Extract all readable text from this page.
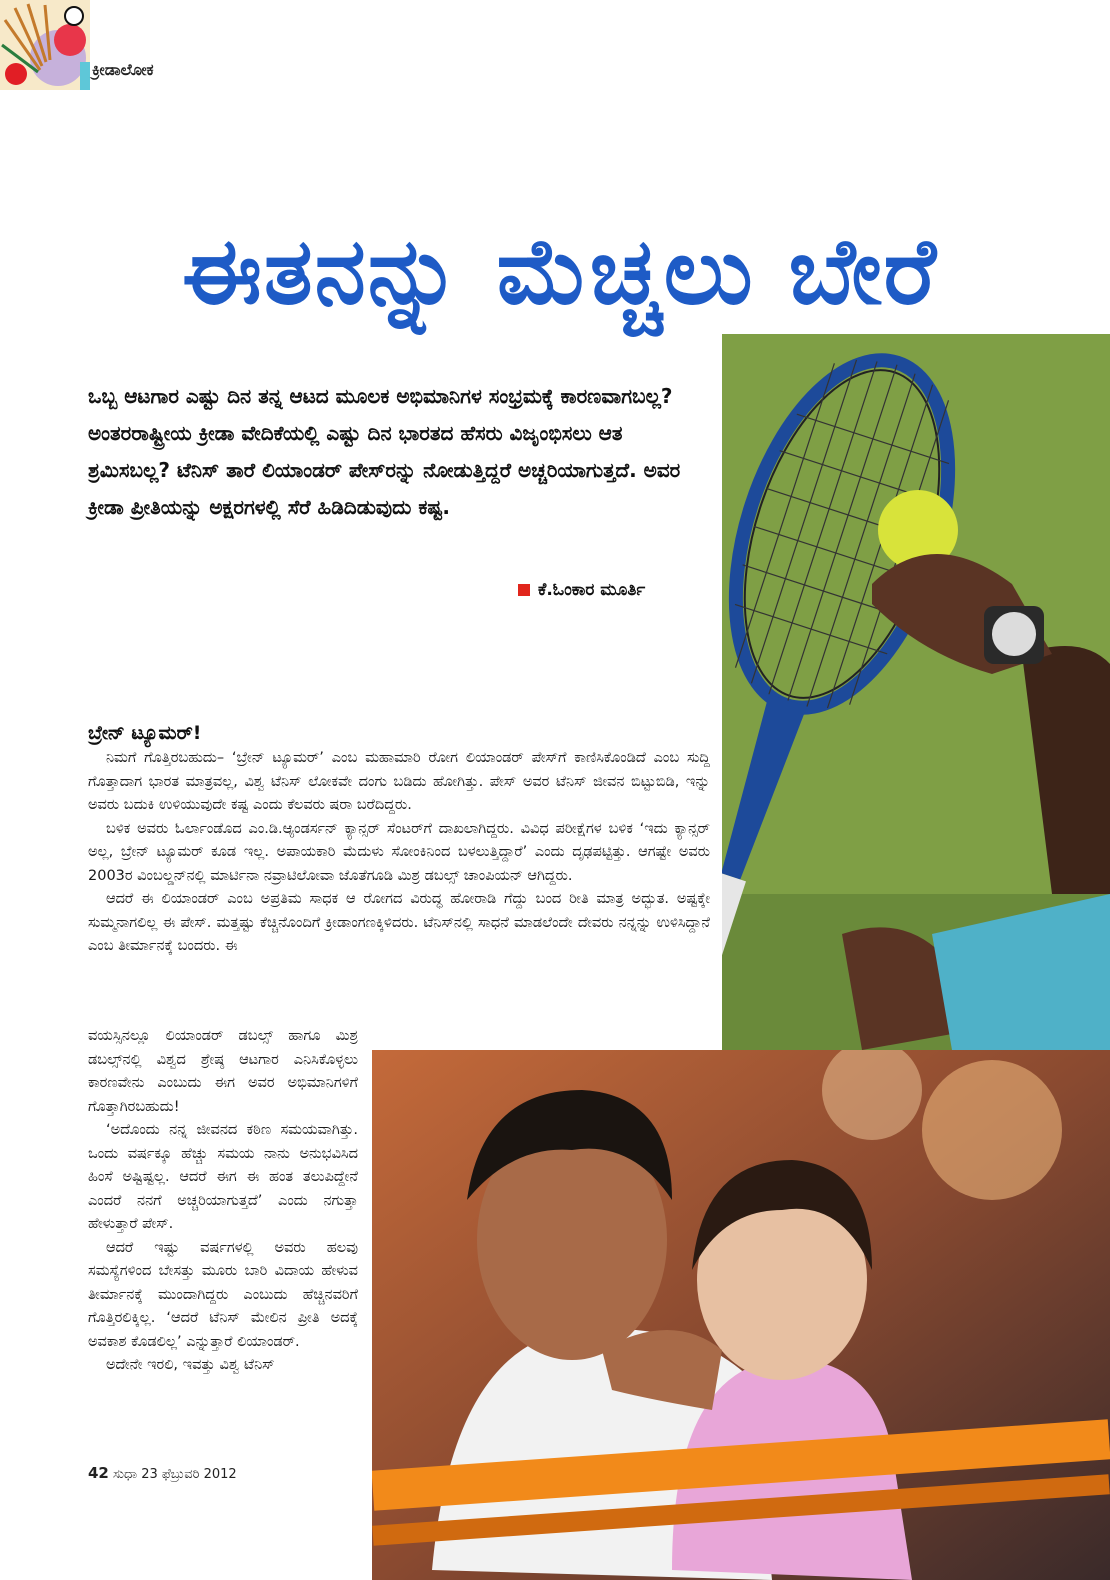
ಕ್ರೀಡಾಲೋಕ
ಈತನನ್ನು ಮೆಚ್ಚಲು ಬೇರೆ

ಒಬ್ಬ ಆಟಗಾರ ಎಷ್ಟು ದಿನ ತನ್ನ ಆಟದ ಮೂಲಕ ಅಭಿಮಾನಿಗಳ ಸಂಭ್ರಮಕ್ಕೆ ಕಾರಣವಾಗಬಲ್ಲ? ಅಂತರರಾಷ್ಟ್ರೀಯ ಕ್ರೀಡಾ ವೇದಿಕೆಯಲ್ಲಿ ಎಷ್ಟು ದಿನ ಭಾರತದ ಹೆಸರು ವಿಜೃಂಭಿಸಲು ಆತ ಶ್ರಮಿಸಬಲ್ಲ? ಟೆನಿಸ್ ತಾರೆ ಲಿಯಾಂಡರ್ ಪೇಸ್‌ರನ್ನು ನೋಡುತ್ತಿದ್ದರೆ ಅಚ್ಚರಿಯಾಗುತ್ತದೆ. ಅವರ ಕ್ರೀಡಾ ಪ್ರೀತಿಯನ್ನು ಅಕ್ಷರಗಳಲ್ಲಿ ಸೆರೆ ಹಿಡಿದಿಡುವುದು ಕಷ್ಟ.

ಕೆ.ಓಂಕಾರ ಮೂರ್ತಿ
ಬ್ರೇನ್ ಟ್ಯೂಮರ್!

ನಿಮಗೆ ಗೊತ್ತಿರಬಹುದು– ‘ಬ್ರೇನ್ ಟ್ಯೂಮರ್’ ಎಂಬ ಮಹಾಮಾರಿ ರೋಗ ಲಿಯಾಂಡರ್ ಪೇಸ್‌ಗೆ ಕಾಣಿಸಿಕೊಂಡಿದೆ ಎಂಬ ಸುದ್ದಿ ಗೊತ್ತಾದಾಗ ಭಾರತ ಮಾತ್ರವಲ್ಲ, ವಿಶ್ವ ಟೆನಿಸ್ ಲೋಕವೇ ದಂಗು ಬಡಿದು ಹೋಗಿತ್ತು. ಪೇಸ್ ಅವರ ಟೆನಿಸ್ ಜೀವನ ಬಿಟ್ಟುಬಿಡಿ, ಇನ್ನು ಅವರು ಬದುಕಿ ಉಳಿಯುವುದೇ ಕಷ್ಟ ಎಂದು ಕೆಲವರು ಷರಾ ಬರೆದಿದ್ದರು.

ಬಳಿಕ ಅವರು ಓರ್ಲಾಂಡೊದ ಎಂ.ಡಿ.ಆ್ಯಂಡರ್ಸನ್ ಕ್ಯಾನ್ಸರ್ ಸೆಂಟರ್‌ಗೆ ದಾಖಲಾಗಿದ್ದರು. ವಿವಿಧ ಪರೀಕ್ಷೆಗಳ ಬಳಿಕ ‘ಇದು ಕ್ಯಾನ್ಸರ್ ಅಲ್ಲ, ಬ್ರೇನ್ ಟ್ಯೂಮರ್ ಕೂಡ ಇಲ್ಲ. ಅಪಾಯಕಾರಿ ಮೆದುಳು ಸೋಂಕಿನಿಂದ ಬಳಲುತ್ತಿದ್ದಾರೆ’ ಎಂದು ದೃಢಪಟ್ಟಿತ್ತು. ಆಗಷ್ಟೇ ಅವರು 2003ರ ವಿಂಬಲ್ಡನ್‌ನಲ್ಲಿ ಮಾರ್ಟಿನಾ ನವ್ರಾಟಿಲೋವಾ ಜೊತೆಗೂಡಿ ಮಿಶ್ರ ಡಬಲ್ಸ್ ಚಾಂಪಿಯನ್ ಆಗಿದ್ದರು.

ಆದರೆ ಈ ಲಿಯಾಂಡರ್ ಎಂಬ ಅಪ್ರತಿಮ ಸಾಧಕ ಆ ರೋಗದ ವಿರುದ್ಧ ಹೋರಾಡಿ ಗೆದ್ದು ಬಂದ ರೀತಿ ಮಾತ್ರ ಅದ್ಭುತ. ಅಷ್ಟಕ್ಕೇ ಸುಮ್ಮನಾಗಲಿಲ್ಲ ಈ ಪೇಸ್. ಮತ್ತಷ್ಟು ಕೆಚ್ಚಿನೊಂದಿಗೆ ಕ್ರೀಡಾಂಗಣಕ್ಕಿಳಿದರು. ಟೆನಿಸ್‌ನಲ್ಲಿ ಸಾಧನೆ ಮಾಡಲೆಂದೇ ದೇವರು ನನ್ನನ್ನು ಉಳಿಸಿದ್ದಾನೆ ಎಂಬ ತೀರ್ಮಾನಕ್ಕೆ ಬಂದರು. ಈ

ವಯಸ್ಸಿನಲ್ಲೂ ಲಿಯಾಂಡರ್ ಡಬಲ್ಸ್ ಹಾಗೂ ಮಿಶ್ರ ಡಬಲ್ಸ್‌ನಲ್ಲಿ ವಿಶ್ವದ ಶ್ರೇಷ್ಠ ಆಟಗಾರ ಎನಿಸಿಕೊಳ್ಳಲು ಕಾರಣವೇನು ಎಂಬುದು ಈಗ ಅವರ ಅಭಿಮಾನಿಗಳಿಗೆ ಗೊತ್ತಾಗಿರಬಹುದು!

‘ಅದೊಂದು ನನ್ನ ಜೀವನದ ಕಠಿಣ ಸಮಯವಾಗಿತ್ತು. ಒಂದು ವರ್ಷಕ್ಕೂ ಹೆಚ್ಚು ಸಮಯ ನಾನು ಅನುಭವಿಸಿದ ಹಿಂಸೆ ಅಷ್ಟಿಷ್ಟಲ್ಲ. ಆದರೆ ಈಗ ಈ ಹಂತ ತಲುಪಿದ್ದೇನೆ ಎಂದರೆ ನನಗೆ ಅಚ್ಚರಿಯಾಗುತ್ತದೆ’ ಎಂದು ನಗುತ್ತಾ ಹೇಳುತ್ತಾರೆ ಪೇಸ್.

ಆದರೆ ಇಷ್ಟು ವರ್ಷಗಳಲ್ಲಿ ಅವರು ಹಲವು ಸಮಸ್ಯೆಗಳಿಂದ ಬೇಸತ್ತು ಮೂರು ಬಾರಿ ವಿದಾಯ ಹೇಳುವ ತೀರ್ಮಾನಕ್ಕೆ ಮುಂದಾಗಿದ್ದರು ಎಂಬುದು ಹೆಚ್ಚಿನವರಿಗೆ ಗೊತ್ತಿರಲಿಕ್ಕಿಲ್ಲ. ‘ಆದರೆ ಟೆನಿಸ್ ಮೇಲಿನ ಪ್ರೀತಿ ಅದಕ್ಕೆ ಅವಕಾಶ ಕೊಡಲಿಲ್ಲ’ ಎನ್ನುತ್ತಾರೆ ಲಿಯಾಂಡರ್.

ಅದೇನೇ ಇರಲಿ, ಇವತ್ತು ವಿಶ್ವ ಟೆನಿಸ್

42 ಸುಧಾ 23 ಫೆಬ್ರುವರಿ 2012
